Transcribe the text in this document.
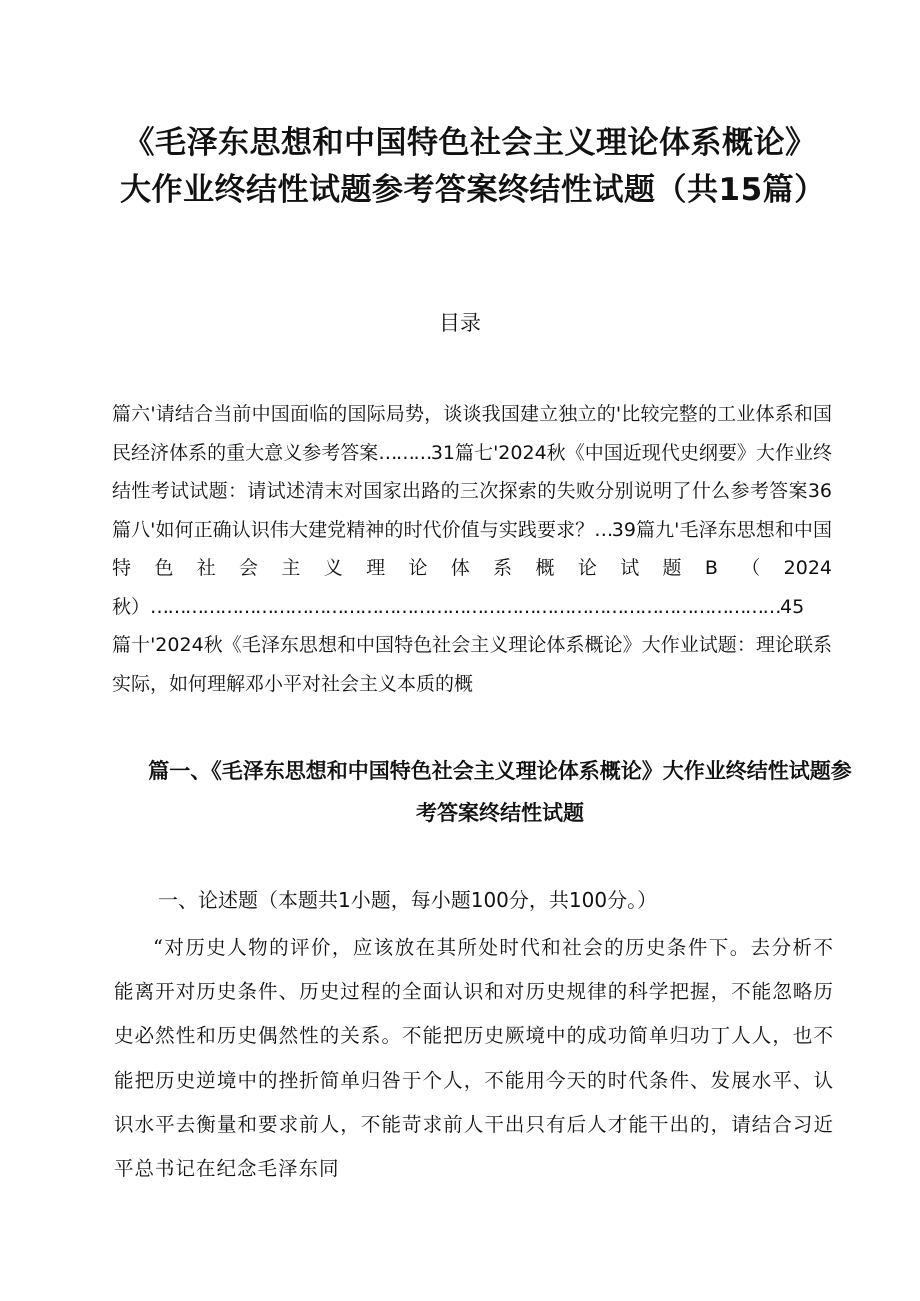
《毛泽东思想和中国特色社会主义理论体系概论》大作业终结性试题参考答案终结性试题（共15篇）
目录

篇六'请结合当前中国面临的国际局势，谈谈我国建立独立的'比较完整的工业体系和国民经济体系的重大意义参考答案………31篇七'2024秋《中国近现代史纲要》大作业终结性考试试题：请试述清末对国家出路的三次探索的失败分别说明了什么参考答案36篇八'如何正确认识伟大建党精神的时代价值与实践要求？…39篇九'毛泽东思想和中国特色社会主义理论体系概论试题B（2024秋）………………………………………………………………………………………………45

篇十'2024秋《毛泽东思想和中国特色社会主义理论体系概论》大作业试题：理论联系实际，如何理解邓小平对社会主义本质的概

篇一、《毛泽东思想和中国特色社会主义理论体系概论》大作业终结性试题参考答案终结性试题
一、论述题（本题共1小题，每小题100分，共100分。）

“对历史人物的评价，应该放在其所处时代和社会的历史条件下。去分析不能离开对历史条件、历史过程的全面认识和对历史规律的科学把握，不能忽略历史必然性和历史偶然性的关系。不能把历史厥境中的成功简单归功丁人人，也不能把历史逆境中的挫折简单归咎于个人，不能用今天的时代条件、发展水平、认识水平去衡量和要求前人，不能苛求前人干出只有后人才能干出的，请结合习近平总书记在纪念毛泽东同
